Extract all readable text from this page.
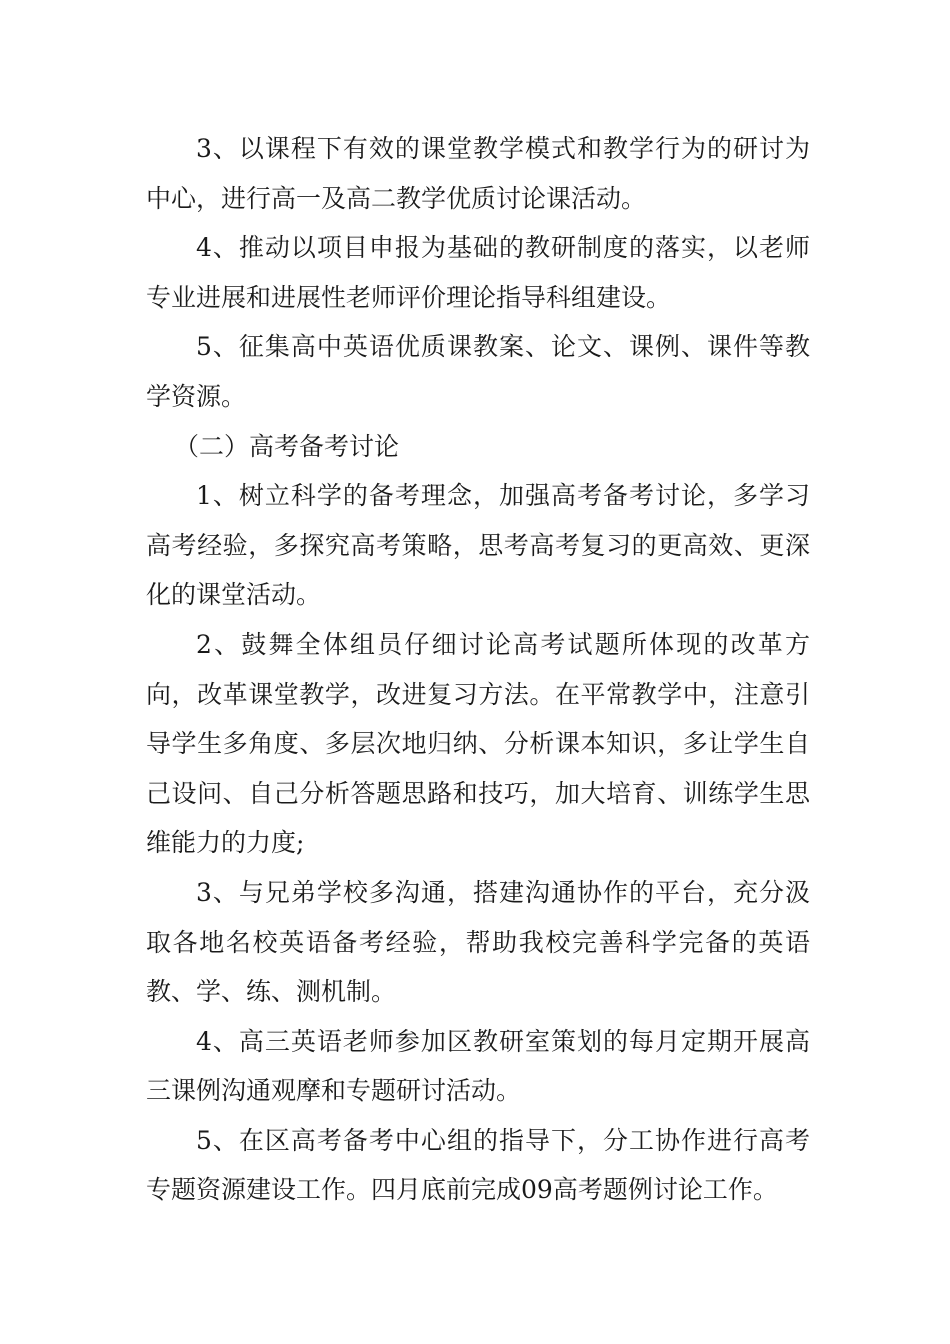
3、以课程下有效的课堂教学模式和教学行为的研讨为中心，进行高一及高二教学优质讨论课活动。

4、推动以项目申报为基础的教研制度的落实，以老师专业进展和进展性老师评价理论指导科组建设。

5、征集高中英语优质课教案、论文、课例、课件等教学资源。

（二）高考备考讨论

1、树立科学的备考理念，加强高考备考讨论，多学习高考经验，多探究高考策略，思考高考复习的更高效、更深化的课堂活动。

2、鼓舞全体组员仔细讨论高考试题所体现的改革方向，改革课堂教学，改进复习方法。在平常教学中，注意引导学生多角度、多层次地归纳、分析课本知识，多让学生自己设问、自己分析答题思路和技巧，加大培育、训练学生思维能力的力度;

3、与兄弟学校多沟通，搭建沟通协作的平台，充分汲取各地名校英语备考经验，帮助我校完善科学完备的英语教、学、练、测机制。

4、高三英语老师参加区教研室策划的每月定期开展高三课例沟通观摩和专题研讨活动。

5、在区高考备考中心组的指导下，分工协作进行高考专题资源建设工作。四月底前完成09高考题例讨论工作。
